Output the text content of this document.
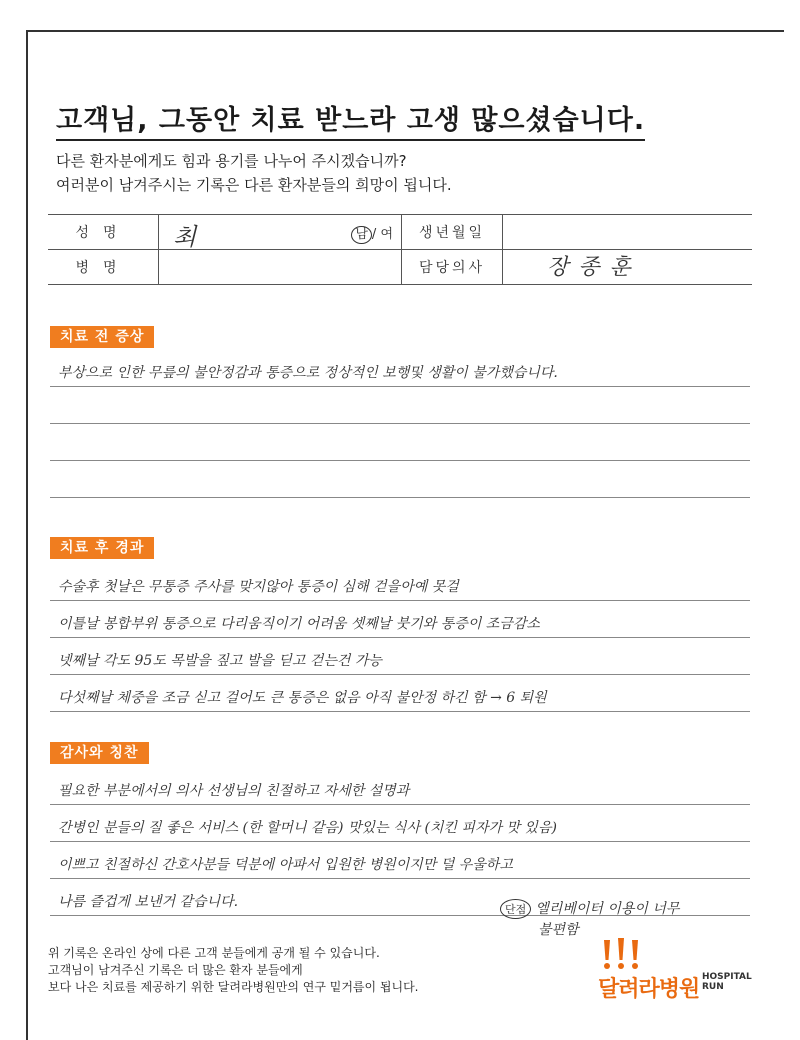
고객님, 그동안 치료 받느라 고생 많으셨습니다.
다른 환자분에게도 힘과 용기를 나누어 주시겠습니까?
여러분이 남겨주시는 기록은 다른 환자분들의 희망이 됩니다.
성명	최 남 / 여	생년월일	
병명		담당의사	장종훈
치료 전 증상
부상으로 인한 무릎의 불안정감과 통증으로 정상적인 보행및 생활이 불가했습니다.
치료 후 경과
수술후 첫날은 무통증 주사를 맞지않아 통증이 심해 걷을아예 못걸
이틀날 봉합부위 통증으로 다리움직이기 어려움 셋째날 붓기와 통증이 조금감소
넷째날 각도 95도 목발을 짚고 발을 딛고 걷는건 가능
다섯째날 체중을 조금 싣고 걸어도 큰 통증은 없음 아직 불안정 하긴 함 → 6 퇴원
감사와 칭찬
필요한 부분에서의 의사 선생님의 친절하고 자세한 설명과
간병인 분들의 질 좋은 서비스 (한 할머니 같음) 맛있는 식사 (치킨 피자가 맛 있음)
이쁘고 친절하신 간호사분들 덕분에 아파서 입원한 병원이지만 덜 우울하고
나름 즐겁게 보낸거 같습니다.	단점 엘리베이터 이용이 너무
불편함
위 기록은 온라인 상에 다른 고객 분들에게 공개 될 수 있습니다.
고객님이 남겨주신 기록은 더 많은 환자 분들에게
보다 나은 치료를 제공하기 위한 달려라병원만의 연구 밑거름이 됩니다.	달려라병원 HOSPITAL
RUN
